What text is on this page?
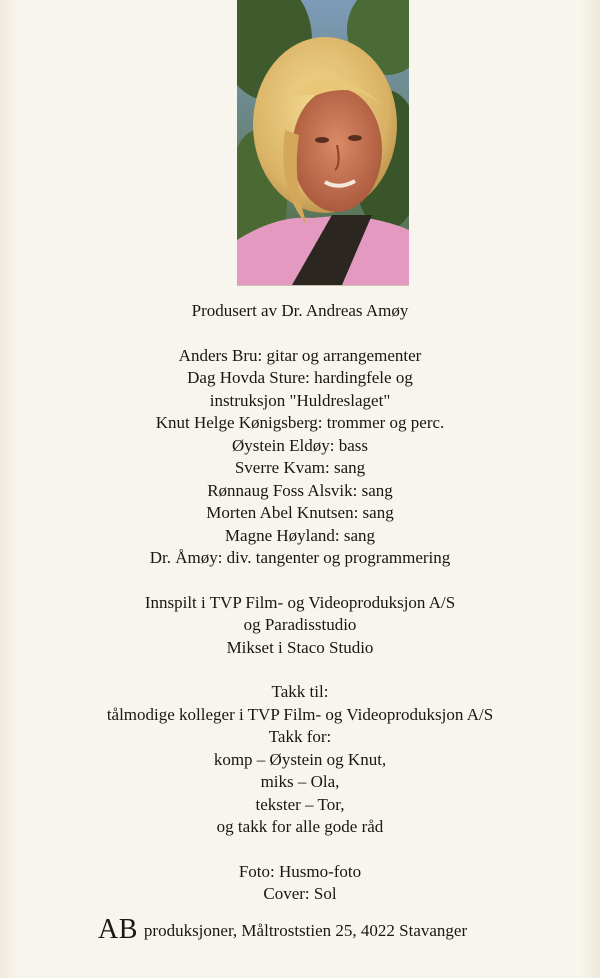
Produsert av Dr. Andreas Amøy
Anders Bru: gitar og arrangementer
Dag Hovda Sture: hardingfele og
instruksjon "Huldreslaget"
Knut Helge Kønigsberg: trommer og perc.
Øystein Eldøy: bass
Sverre Kvam: sang
Rønnaug Foss Alsvik: sang
Morten Abel Knutsen: sang
Magne Høyland: sang
Dr. Åmøy: div. tangenter og programmering
Innspilt i TVP Film- og Videoproduksjon A/S
og Paradisstudio
Mikset i Staco Studio
Takk til:
tålmodige kolleger i TVP Film- og Videoproduksjon A/S
Takk for:
komp – Øystein og Knut,
miks – Ola,
tekster – Tor,
og takk for alle gode råd
Foto: Husmo-foto
Cover: Sol
AB produksjoner, Måltroststien 25, 4022 Stavanger
